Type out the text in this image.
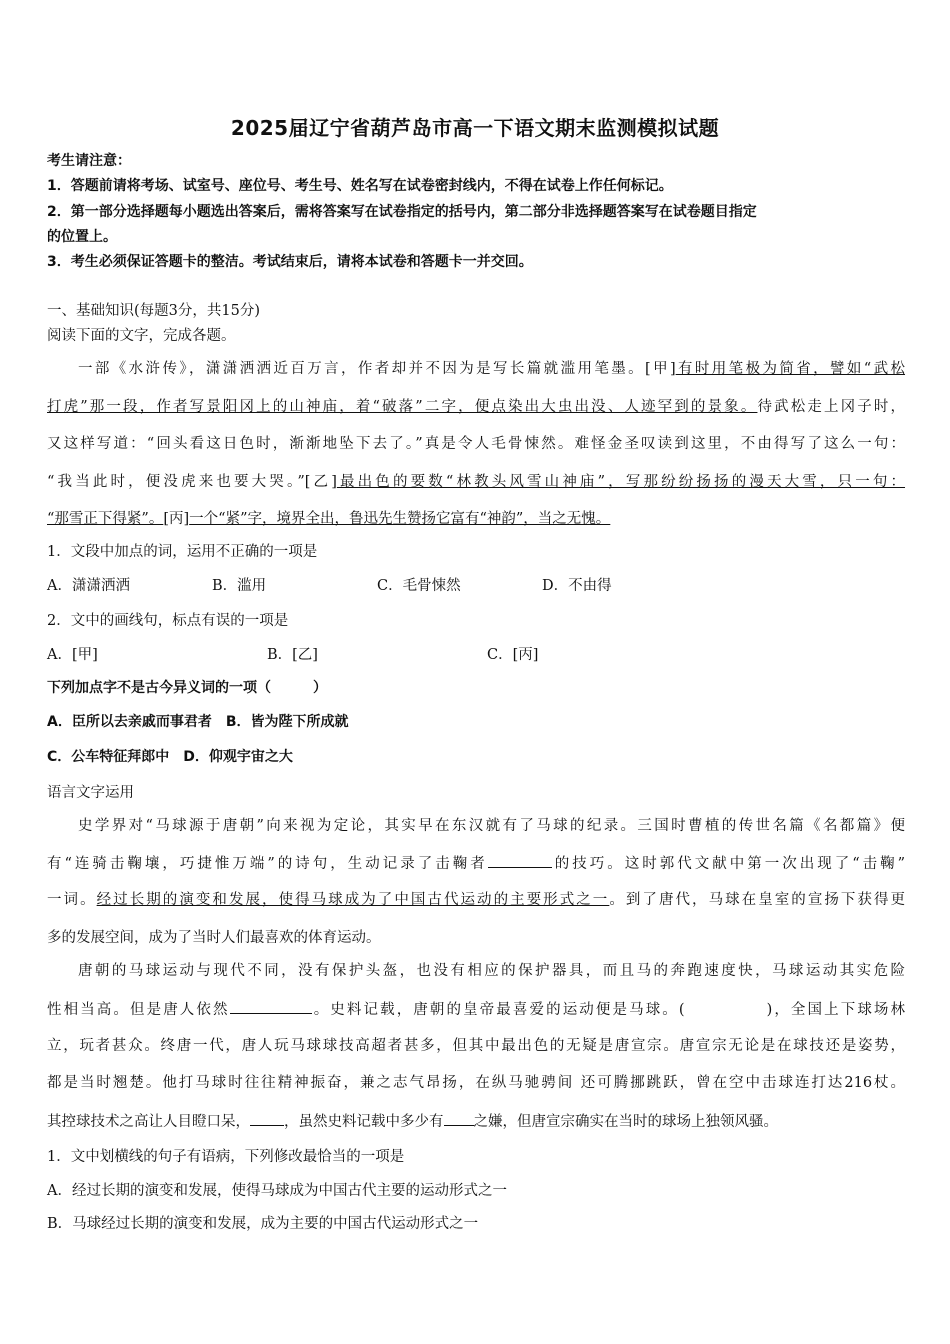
2025届辽宁省葫芦岛市高一下语文期末监测模拟试题
考生请注意：
1．答题前请将考场、试室号、座位号、考生号、姓名写在试卷密封线内，不得在试卷上作任何标记。
2．第一部分选择题每小题选出答案后，需将答案写在试卷指定的括号内，第二部分非选择题答案写在试卷题目指定
的位置上。
3．考生必须保证答题卡的整洁。考试结束后，请将本试卷和答题卡一并交回。
一、基础知识(每题3分，共15分)
阅读下面的文字，完成各题。
一部《水浒传》，潇潇洒洒近百万言，作者却并不因为是写长篇就滥用笔墨。[甲]有时用笔极为简省，譬如“武松
打虎”那一段，作者写景阳冈上的山神庙，着“破落”二字，便点染出大虫出没、人迹罕到的景象。待武松走上冈子时，
又这样写道：“回头看这日色时，渐渐地坠下去了。”真是令人毛骨悚然。难怪金圣叹读到这里，不由得写了这么一句：
“我当此时，便没虎来也要大哭。”[乙]最出色的要数“林教头风雪山神庙”，写那纷纷扬扬的漫天大雪，只一句：
“那雪正下得紧”。[丙]一个“紧”字，境界全出，鲁迅先生赞扬它富有“神韵”，当之无愧。
1．文段中加点的词，运用不正确的一项是
A．潇潇洒洒	B．滥用	C．毛骨悚然	D．不由得
2．文中的画线句，标点有误的一项是
A．[甲]	B．[乙]	C．[丙]
下列加点字不是古今异义词的一项（　　　）
A．臣所以去亲戚而事君者　B．皆为陛下所成就
C．公车特征拜郎中　D．仰观宇宙之大
语言文字运用
史学界对“马球源于唐朝”向来视为定论，其实早在东汉就有了马球的纪录。三国时曹植的传世名篇《名都篇》便
有“连骑击鞠壤，巧捷惟万端”的诗句，生动记录了击鞠者	的技巧。这时郭代文献中第一次出现了“击鞠”
一词。经过长期的演变和发展，使得马球成为了中国古代运动的主要形式之一。到了唐代，马球在皇室的宣扬下获得更
多的发展空间，成为了当时人们最喜欢的体育运动。
唐朝的马球运动与现代不同，没有保护头盔，也没有相应的保护器具，而且马的奔跑速度快，马球运动其实危险
性相当高。但是唐人依然	。史料记载，唐朝的皇帝最喜爱的运动便是马球。(	)，全国上下球场林
立，玩者甚众。终唐一代，唐人玩马球球技高超者甚多，但其中最出色的无疑是唐宣宗。唐宣宗无论是在球技还是姿势，
都是当时翘楚。他打马球时往往精神振奋，兼之志气昂扬，在纵马驰骋间 还可腾挪跳跃，曾在空中击球连打达216杖。
其控球技术之高让人目瞪口呆， ，虽然史料记载中多少有 之嫌，但唐宣宗确实在当时的球场上独领风骚。
1．文中划横线的句子有语病，下列修改最恰当的一项是
A．经过长期的演变和发展，使得马球成为中国古代主要的运动形式之一
B．马球经过长期的演变和发展，成为主要的中国古代运动形式之一
